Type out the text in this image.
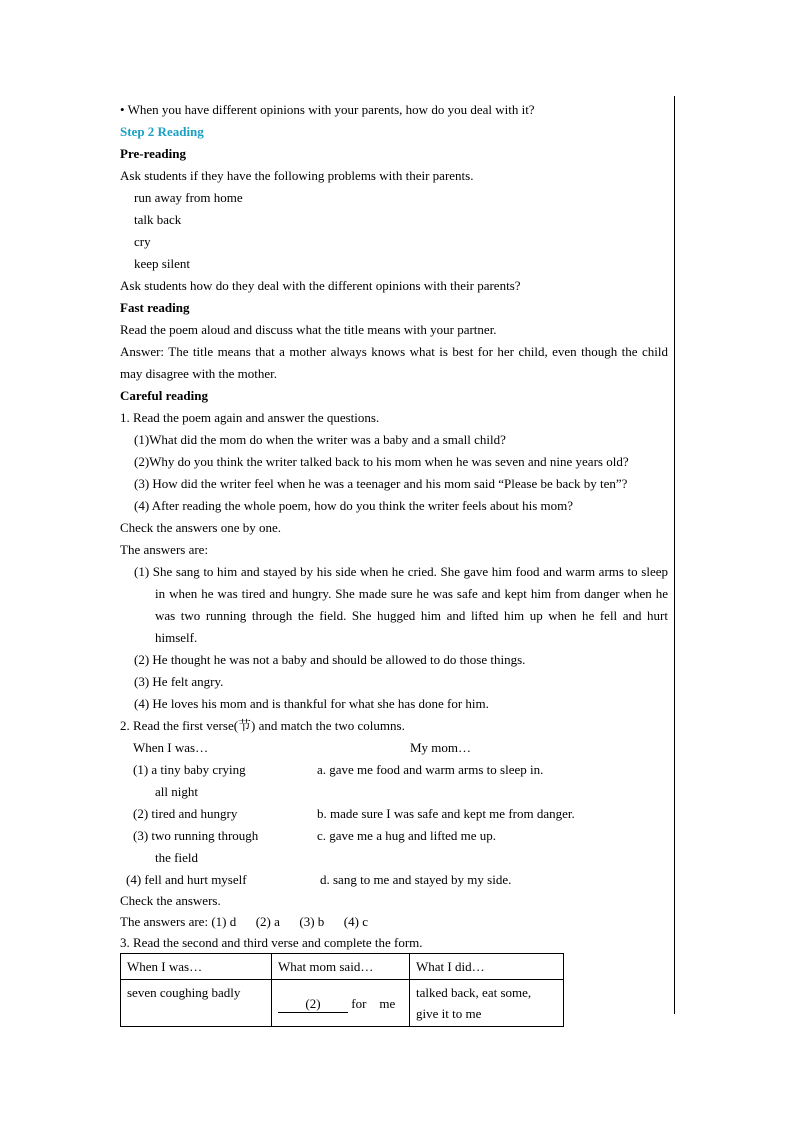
• When you have different opinions with your parents, how do you deal with it?
Step 2 Reading
Pre-reading
Ask students if they have the following problems with their parents.
run away from home
talk back
cry
keep silent
Ask students how do they deal with the different opinions with their parents?
Fast reading
Read the poem aloud and discuss what the title means with your partner.
Answer: The title means that a mother always knows what is best for her child, even though the child may disagree with the mother.
Careful reading
1. Read the poem again and answer the questions.
(1)What did the mom do when the writer was a baby and a small child?
(2)Why do you think the writer talked back to his mom when he was seven and nine years old?
(3) How did the writer feel when he was a teenager and his mom said “Please be back by ten”?
(4) After reading the whole poem, how do you think the writer feels about his mom?
Check the answers one by one.
The answers are:
(1) She sang to him and stayed by his side when he cried. She gave him food and warm arms to sleep in when he was tired and hungry. She made sure he was safe and kept him from danger when he was two running through the field. She hugged him and lifted him up when he fell and hurt himself.
(2) He thought he was not a baby and should be allowed to do those things.
(3) He felt angry.
(4) He loves his mom and is thankful for what she has done for him.
2. Read the first verse(节) and match the two columns.
When I was…	My mom…
(1) a tiny baby crying	a. gave me food and warm arms to sleep in.
all night
(2) tired and hungry	b. made sure I was safe and kept me from danger.
(3) two running through	c. gave me a hug and lifted me up.
the field
(4) fell and hurt myself	d. sang to me and stayed by my side.
Check the answers.
The answers are: (1) d      (2) a      (3) b      (4) c
3. Read the second and third verse and complete the form.
When I was…	What mom said…	What I did…
seven coughing badly	(2) for    me	talked back, eat some,
give it to me
